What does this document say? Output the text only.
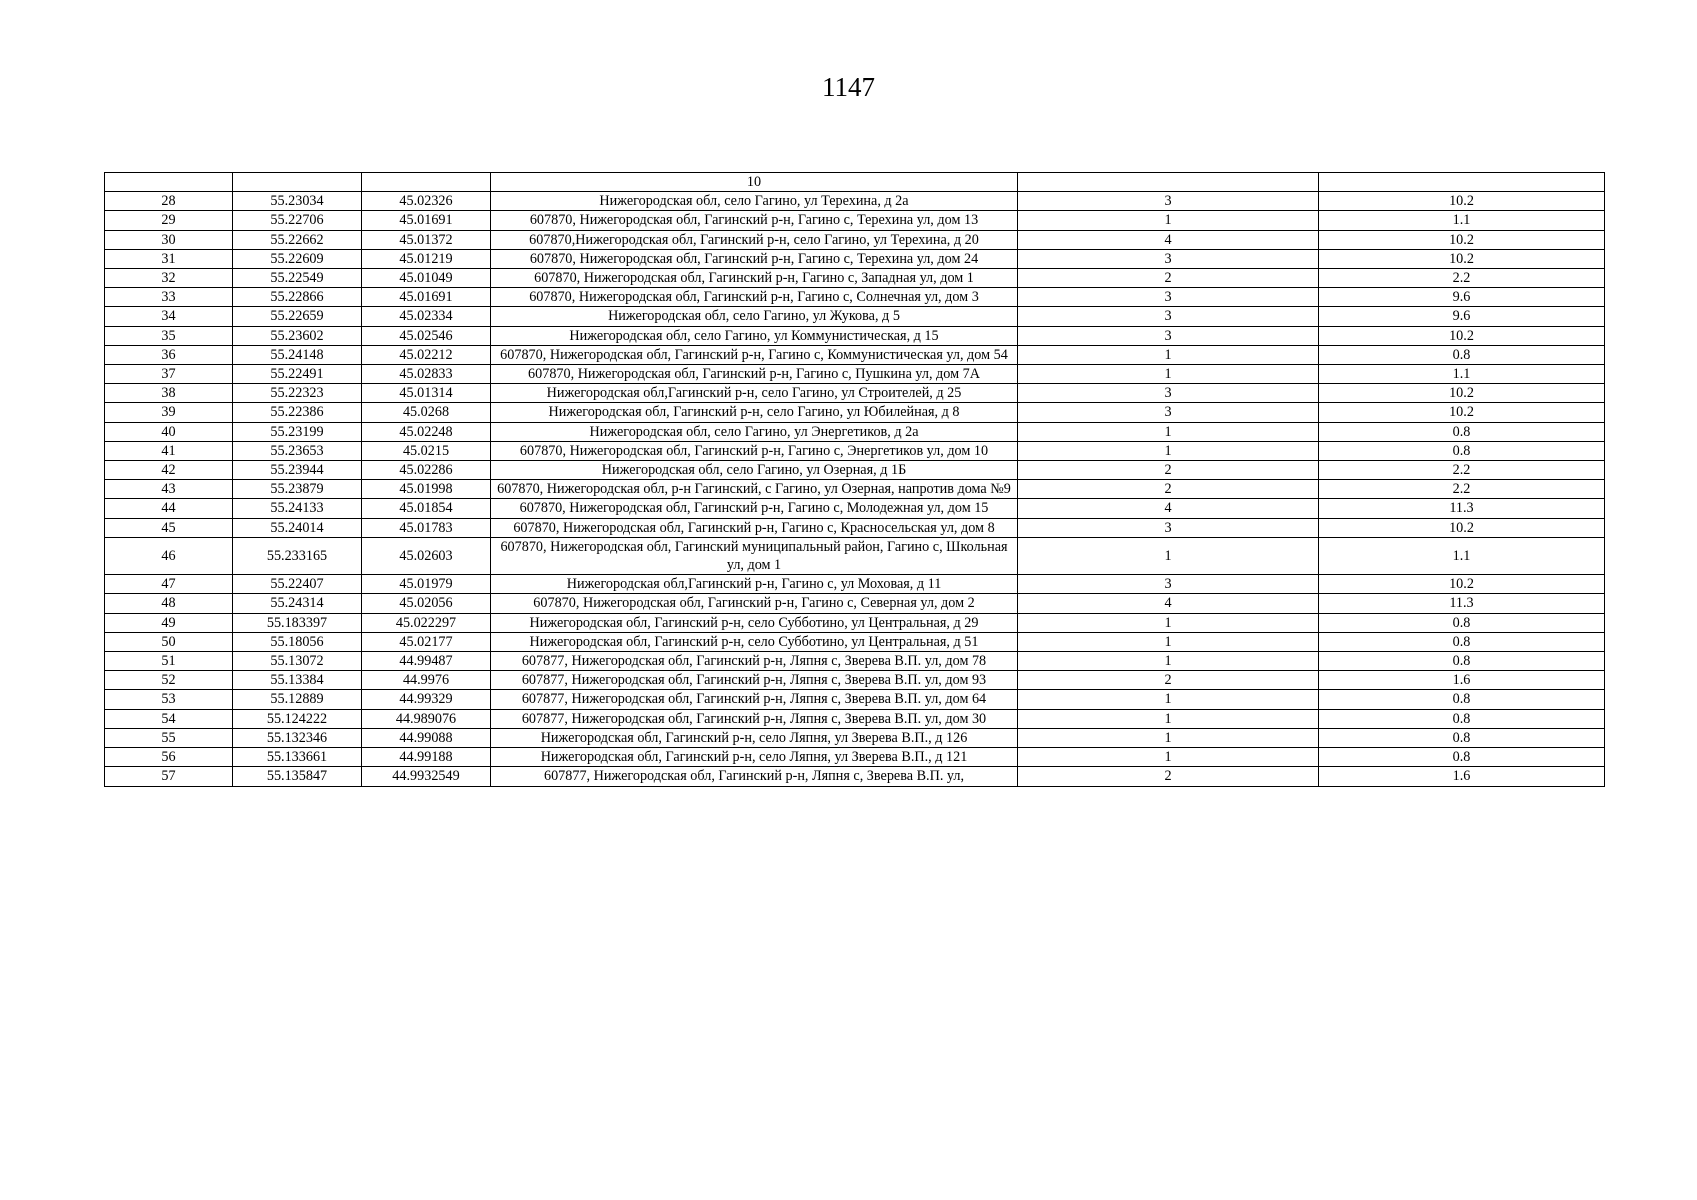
1147
			10		
28	55.23034	45.02326	Нижегородская обл, село Гагино, ул Терехина, д 2а	3	10.2
29	55.22706	45.01691	607870, Нижегородская обл, Гагинский р-н, Гагино с, Терехина ул, дом 13	1	1.1
30	55.22662	45.01372	607870,Нижегородская обл, Гагинский р-н, село Гагино, ул Терехина, д 20	4	10.2
31	55.22609	45.01219	607870, Нижегородская обл, Гагинский р-н, Гагино с, Терехина ул, дом 24	3	10.2
32	55.22549	45.01049	607870, Нижегородская обл, Гагинский р-н, Гагино с, Западная ул, дом 1	2	2.2
33	55.22866	45.01691	607870, Нижегородская обл, Гагинский р-н, Гагино с, Солнечная ул, дом 3	3	9.6
34	55.22659	45.02334	Нижегородская обл, село Гагино, ул Жукова, д 5	3	9.6
35	55.23602	45.02546	Нижегородская обл, село Гагино, ул Коммунистическая, д 15	3	10.2
36	55.24148	45.02212	607870, Нижегородская обл, Гагинский р-н, Гагино с, Коммунистическая ул, дом 54	1	0.8
37	55.22491	45.02833	607870, Нижегородская обл, Гагинский р-н, Гагино с, Пушкина ул, дом 7А	1	1.1
38	55.22323	45.01314	Нижегородская обл,Гагинский р-н, село Гагино, ул Строителей, д 25	3	10.2
39	55.22386	45.0268	Нижегородская обл, Гагинский р-н, село Гагино, ул Юбилейная, д 8	3	10.2
40	55.23199	45.02248	Нижегородская обл, село Гагино, ул Энергетиков, д 2а	1	0.8
41	55.23653	45.0215	607870, Нижегородская обл, Гагинский р-н, Гагино с, Энергетиков ул, дом 10	1	0.8
42	55.23944	45.02286	Нижегородская обл, село Гагино, ул Озерная, д 1Б	2	2.2
43	55.23879	45.01998	607870, Нижегородская обл, р-н Гагинский, с Гагино, ул Озерная, напротив дома №9	2	2.2
44	55.24133	45.01854	607870, Нижегородская обл, Гагинский р-н, Гагино с, Молодежная ул, дом 15	4	11.3
45	55.24014	45.01783	607870, Нижегородская обл, Гагинский р-н, Гагино с, Красносельская ул, дом 8	3	10.2
46	55.233165	45.02603	607870, Нижегородская обл, Гагинский муниципальный район, Гагино с, Школьная ул, дом 1	1	1.1
47	55.22407	45.01979	Нижегородская обл,Гагинский р-н, Гагино с, ул Моховая, д 11	3	10.2
48	55.24314	45.02056	607870, Нижегородская обл, Гагинский р-н, Гагино с, Северная ул, дом 2	4	11.3
49	55.183397	45.022297	Нижегородская обл, Гагинский р-н, село Субботино, ул Центральная, д 29	1	0.8
50	55.18056	45.02177	Нижегородская обл, Гагинский р-н, село Субботино, ул Центральная, д 51	1	0.8
51	55.13072	44.99487	607877, Нижегородская обл, Гагинский р-н, Ляпня с, Зверева В.П. ул, дом 78	1	0.8
52	55.13384	44.9976	607877, Нижегородская обл, Гагинский р-н, Ляпня с, Зверева В.П. ул, дом 93	2	1.6
53	55.12889	44.99329	607877, Нижегородская обл, Гагинский р-н, Ляпня с, Зверева В.П. ул, дом 64	1	0.8
54	55.124222	44.989076	607877, Нижегородская обл, Гагинский р-н, Ляпня с, Зверева В.П. ул, дом 30	1	0.8
55	55.132346	44.99088	Нижегородская обл, Гагинский р-н, село Ляпня, ул Зверева В.П., д 126	1	0.8
56	55.133661	44.99188	Нижегородская обл, Гагинский р-н, село Ляпня, ул Зверева В.П., д 121	1	0.8
57	55.135847	44.9932549	607877, Нижегородская обл, Гагинский р-н, Ляпня с, Зверева В.П. ул,	2	1.6
